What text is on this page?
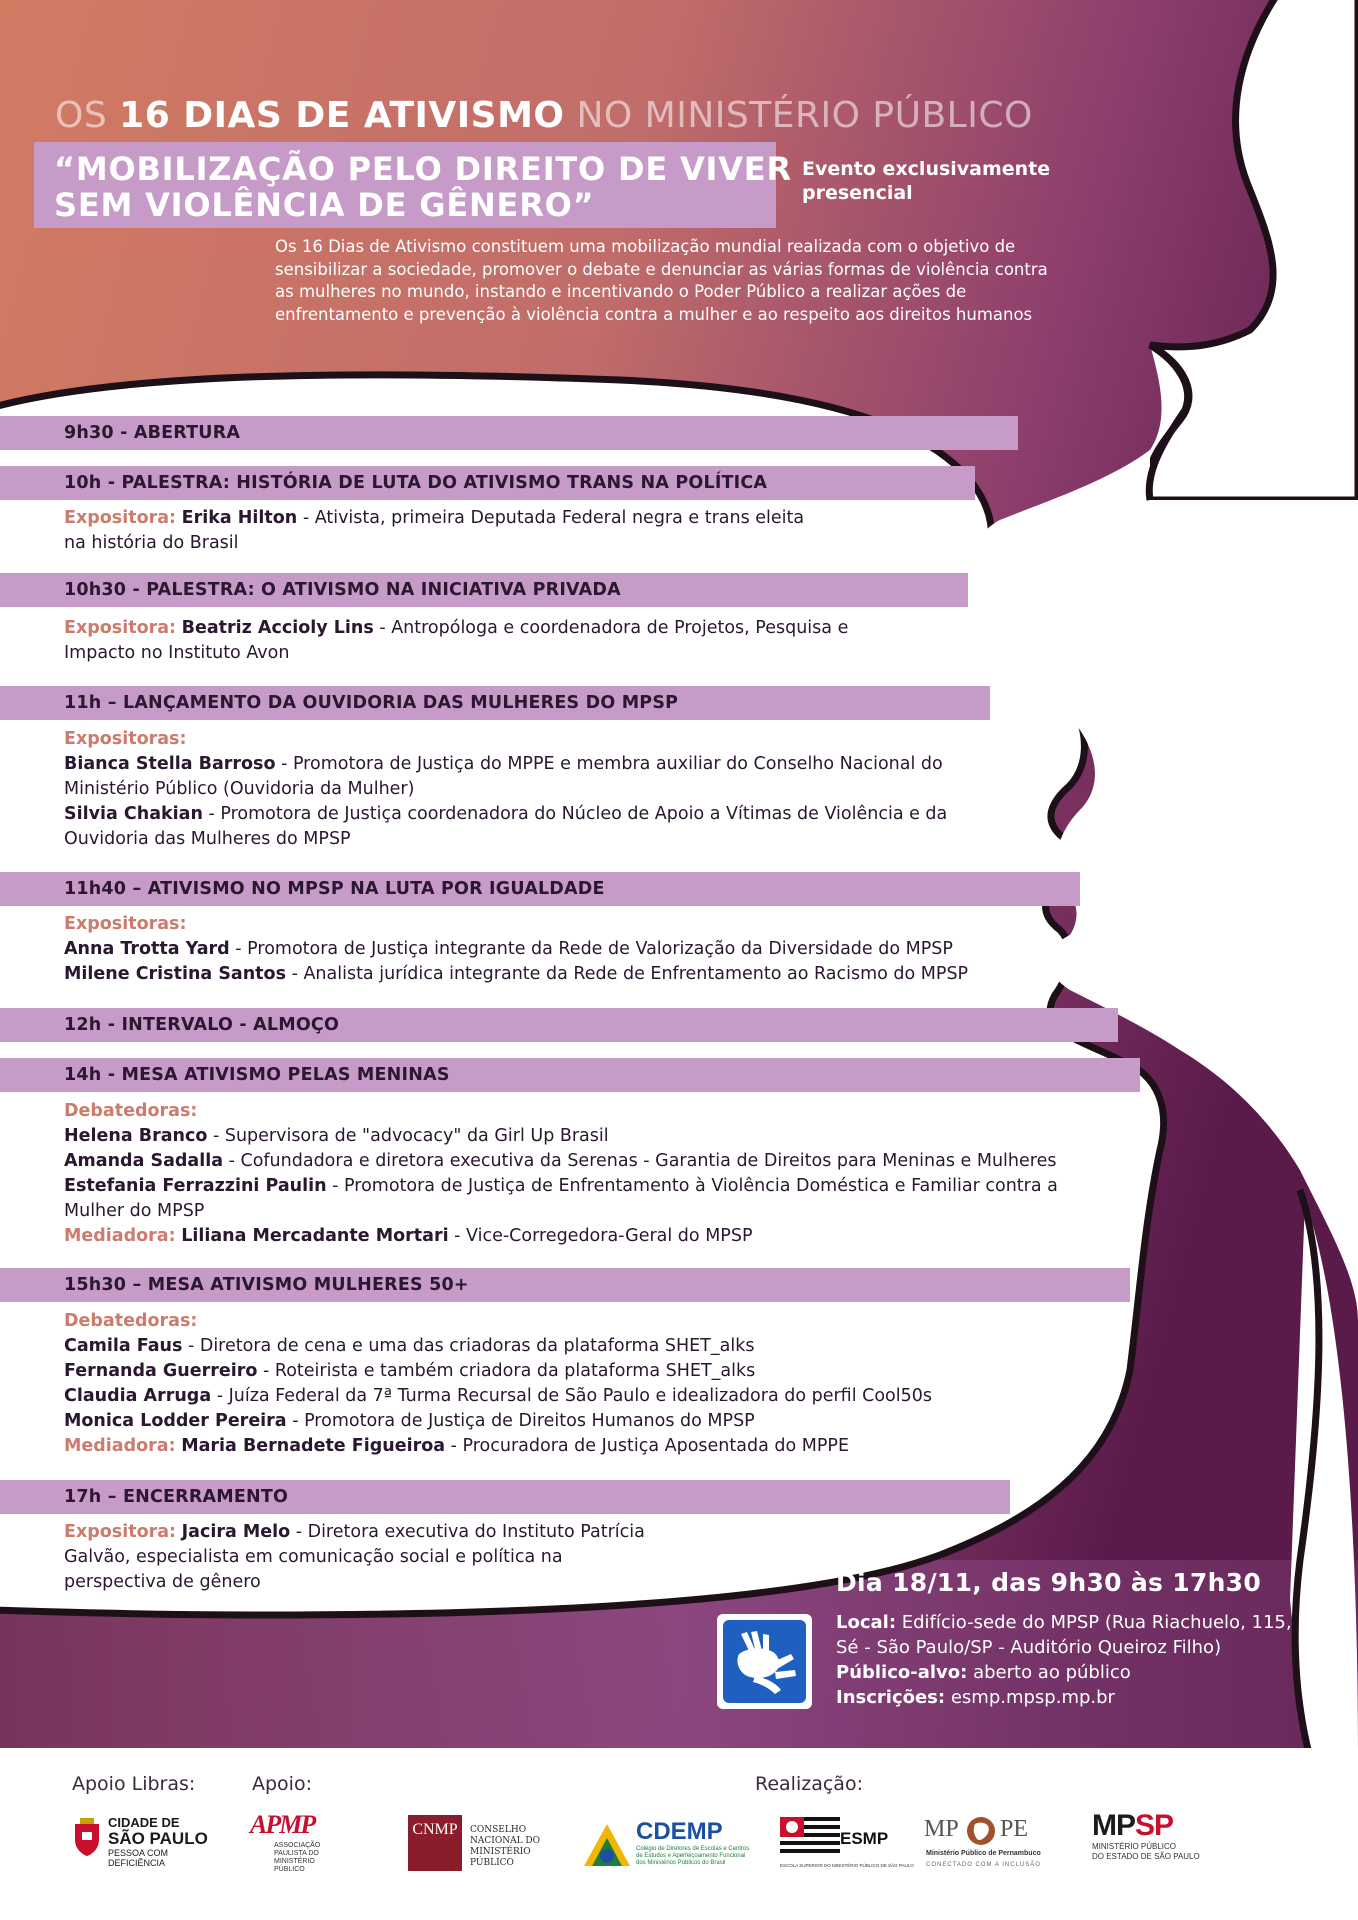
OS 16 DIAS DE ATIVISMO NO MINISTÉRIO PÚBLICO
“MOBILIZAÇÃO PELO DIREITO DE VIVER
SEM VIOLÊNCIA DE GÊNERO”
Evento exclusivamente
presencial
Os 16 Dias de Ativismo constituem uma mobilização mundial realizada com o objetivo de
sensibilizar a sociedade, promover o debate e denunciar as várias formas de violência contra
as mulheres no mundo, instando e incentivando o Poder Público a realizar ações de
enfrentamento e prevenção à violência contra a mulher e ao respeito aos direitos humanos
9h30 - ABERTURA
10h - PALESTRA: HISTÓRIA DE LUTA DO ATIVISMO TRANS NA POLÍTICA
Expositora: Erika Hilton - Ativista, primeira Deputada Federal negra e trans eleita
na história do Brasil
10h30 - PALESTRA: O ATIVISMO NA INICIATIVA PRIVADA
Expositora: Beatriz Accioly Lins - Antropóloga e coordenadora de Projetos, Pesquisa e
Impacto no Instituto Avon
11h – LANÇAMENTO DA OUVIDORIA DAS MULHERES DO MPSP
Expositoras:
Bianca Stella Barroso - Promotora de Justiça do MPPE e membra auxiliar do Conselho Nacional do
Ministério Público (Ouvidoria da Mulher)
Silvia Chakian - Promotora de Justiça coordenadora do Núcleo de Apoio a Vítimas de Violência e da
Ouvidoria das Mulheres do MPSP
11h40 – ATIVISMO NO MPSP NA LUTA POR IGUALDADE
Expositoras:
Anna Trotta Yard - Promotora de Justiça integrante da Rede de Valorização da Diversidade do MPSP
Milene Cristina Santos - Analista jurídica integrante da Rede de Enfrentamento ao Racismo do MPSP
12h - INTERVALO - ALMOÇO
14h - MESA ATIVISMO PELAS MENINAS
Debatedoras:
Helena Branco - Supervisora de "advocacy" da Girl Up Brasil
Amanda Sadalla - Cofundadora e diretora executiva da Serenas - Garantia de Direitos para Meninas e Mulheres
Estefania Ferrazzini Paulin - Promotora de Justiça de Enfrentamento à Violência Doméstica e Familiar contra a
Mulher do MPSP
Mediadora: Liliana Mercadante Mortari - Vice-Corregedora-Geral do MPSP
15h30 – MESA ATIVISMO MULHERES 50+
Debatedoras:
Camila Faus - Diretora de cena e uma das criadoras da plataforma SHET_alks
Fernanda Guerreiro - Roteirista e também criadora da plataforma SHET_alks
Claudia Arruga - Juíza Federal da 7ª Turma Recursal de São Paulo e idealizadora do perfil Cool50s
Monica Lodder Pereira - Promotora de Justiça de Direitos Humanos do MPSP
Mediadora: Maria Bernadete Figueiroa - Procuradora de Justiça Aposentada do MPPE
17h – ENCERRAMENTO
Expositora: Jacira Melo - Diretora executiva do Instituto Patrícia
Galvão, especialista em comunicação social e política na
perspectiva de gênero	Dia 18/11, das 9h30 às 17h30
Local: Edifício-sede do MPSP (Rua Riachuelo, 115,
Sé - São Paulo/SP - Auditório Queiroz Filho)
Público-alvo: aberto ao público
Inscrições: esmp.mpsp.mp.br
Apoio Libras:	Apoio:	Realização:
CIDADE DE
SÃO PAULO
PESSOA COM
DEFICIÊNCIA
APMP
ASSOCIAÇÃO
PAULISTA DO
MINISTÉRIO
PÚBLICO
CNMP	CONSELHO
NACIONAL DO
MINISTÉRIO PÚBLICO
CDEMP
Colégio de Diretores de Escolas e Centros
de Estudos e Aperfeiçoamento Funcional
dos Ministérios Públicos do Brasil
ESMP
ESCOLA SUPERIOR DO MINISTÉRIO PÚBLICO DE SÃO PAULO
MP PE
Ministério Público de Pernambuco
CONECTADO COM A INCLUSÃO
MPSP
MINISTÉRIO PÚBLICO
DO ESTADO DE SÃO PAULO
